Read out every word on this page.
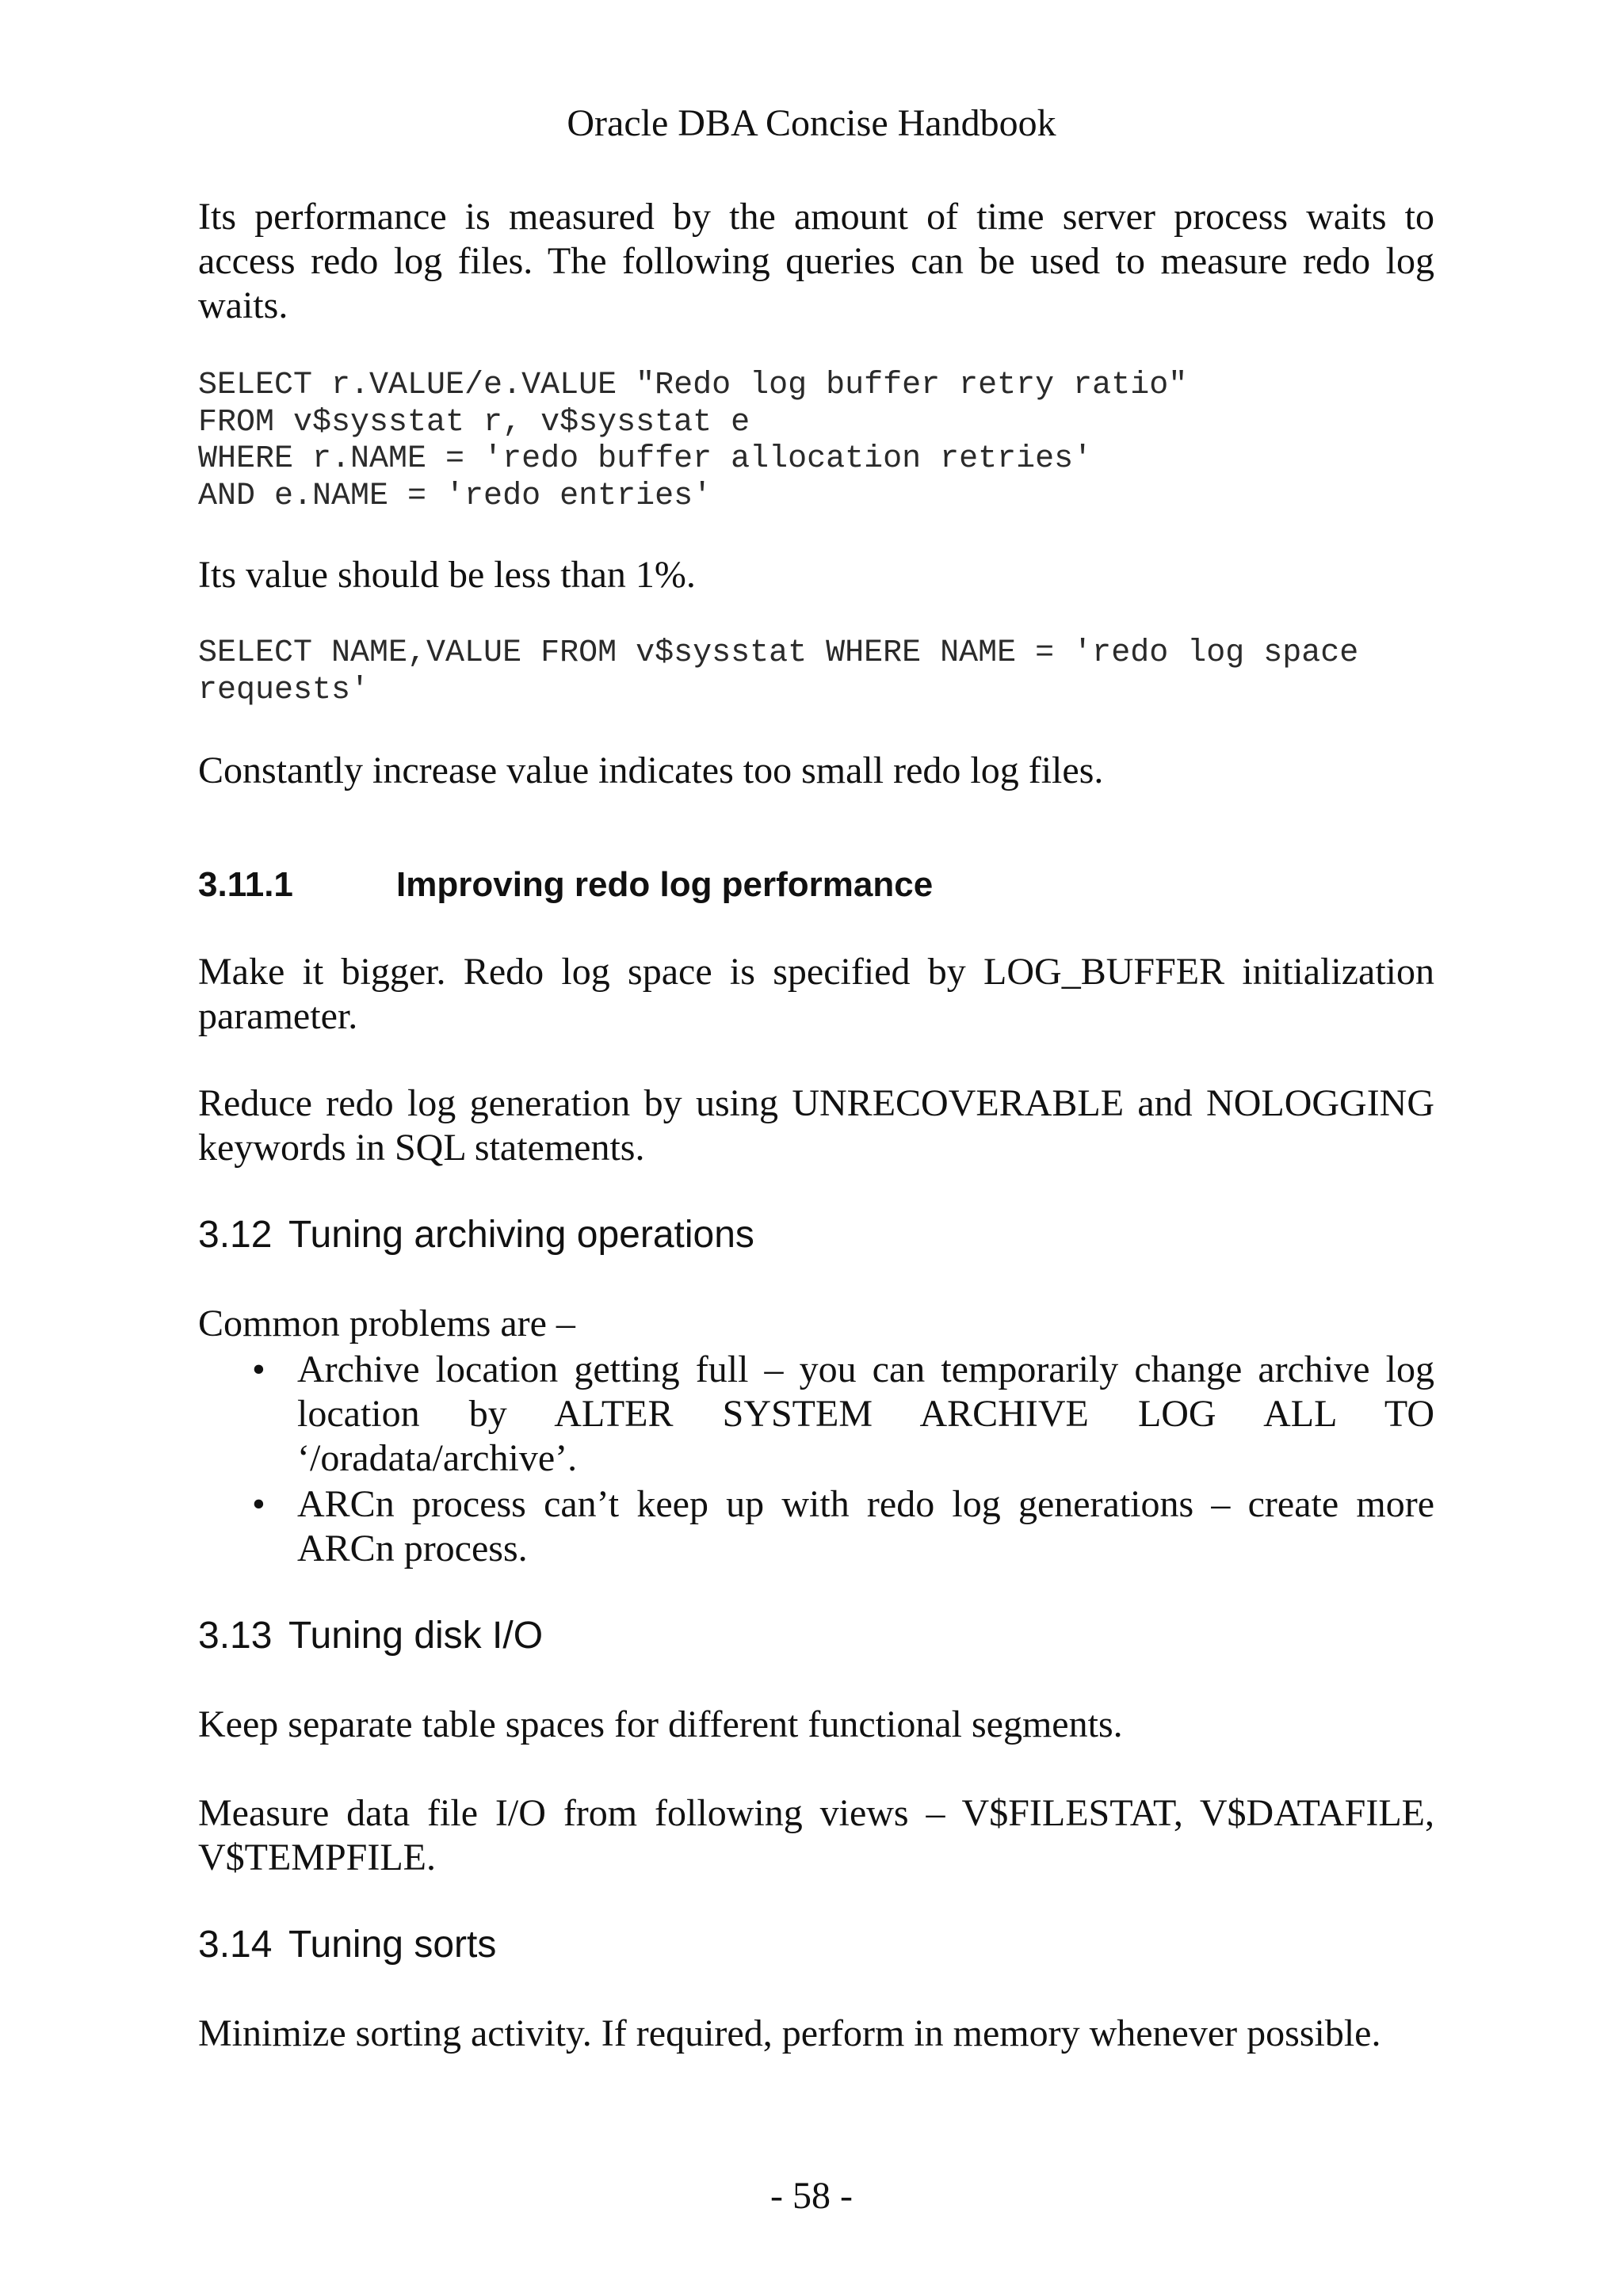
Oracle DBA Concise Handbook

Its performance is measured by the amount of time server process waits to access redo log files. The following queries can be used to measure redo log waits.

SELECT r.VALUE/e.VALUE "Redo log buffer retry ratio"
FROM v$sysstat r, v$sysstat e
WHERE r.NAME = 'redo buffer allocation retries'
AND e.NAME = 'redo entries'

Its value should be less than 1%.

SELECT NAME,VALUE FROM v$sysstat WHERE NAME = 'redo log space
requests'

Constantly increase value indicates too small redo log files.

3.11.1	Improving redo log performance

Make it bigger. Redo log space is specified by LOG_BUFFER initialization parameter.

Reduce redo log generation by using UNRECOVERABLE and NOLOGGING keywords in SQL statements.

3.12 Tuning archiving operations

Common problems are –

• Archive location getting full – you can temporarily change archive log location by ALTER SYSTEM ARCHIVE LOG ALL TO ‘/oradata/archive’.
• ARCn process can’t keep up with redo log generations – create more ARCn process.
3.13 Tuning disk I/O

Keep separate table spaces for different functional segments.

Measure data file I/O from following views – V$FILESTAT, V$DATAFILE, V$TEMPFILE.

3.14 Tuning sorts

Minimize sorting activity. If required, perform in memory whenever possible.

- 58 -
